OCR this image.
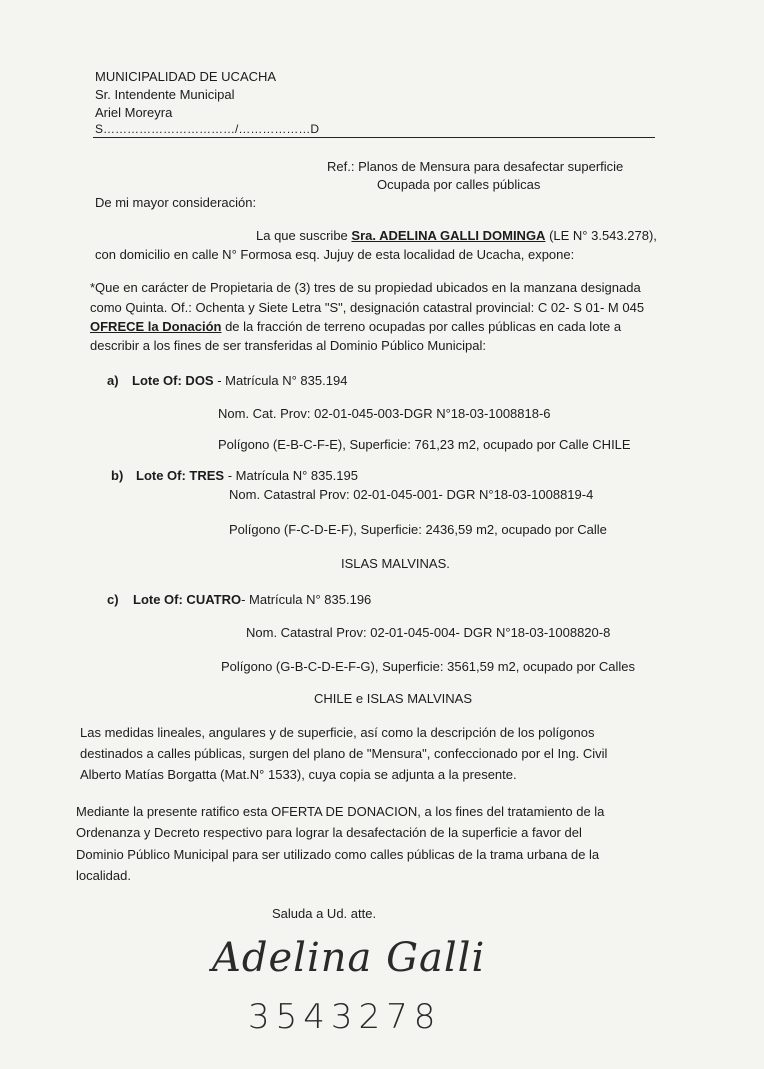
MUNICIPALIDAD DE UCACHA
Sr. Intendente Municipal
Ariel Moreyra
S……………………………/………………D
Ref.: Planos de Mensura para desafectar superficie
Ocupada por calles públicas
De mi mayor consideración:
La que suscribe Sra. ADELINA GALLI DOMINGA (LE N° 3.543.278),
con domicilio en calle N° Formosa esq. Jujuy de esta localidad de Ucacha, expone:
*Que en carácter de Propietaria de (3) tres de su propiedad ubicados en la manzana designada
como Quinta. Of.: Ochenta y Siete Letra "S", designación catastral provincial: C 02- S 01- M 045
OFRECE la Donación de la fracción de terreno ocupadas por calles públicas en cada lote a
describir a los fines de ser transferidas al Dominio Público Municipal:
a) Lote Of: DOS - Matrícula N° 835.194
Nom. Cat. Prov: 02-01-045-003-DGR N°18-03-1008818-6
Polígono (E-B-C-F-E), Superficie: 761,23 m2, ocupado por Calle CHILE
b) Lote Of: TRES - Matrícula N° 835.195
Nom. Catastral Prov: 02-01-045-001- DGR N°18-03-1008819-4
Polígono (F-C-D-E-F), Superficie: 2436,59 m2, ocupado por Calle
ISLAS MALVINAS.
c) Lote Of: CUATRO- Matrícula N° 835.196
Nom. Catastral Prov: 02-01-045-004- DGR N°18-03-1008820-8
Polígono (G-B-C-D-E-F-G), Superficie: 3561,59 m2, ocupado por Calles
CHILE e ISLAS MALVINAS
Las medidas lineales, angulares y de superficie, así como la descripción de los polígonos
destinados a calles públicas, surgen del plano de "Mensura", confeccionado por el Ing. Civil
Alberto Matías Borgatta (Mat.N° 1533), cuya copia se adjunta a la presente.
Mediante la presente ratifico esta OFERTA DE DONACION, a los fines del tratamiento de la
Ordenanza y Decreto respectivo para lograr la desafectación de la superficie a favor del
Dominio Público Municipal para ser utilizado como calles públicas de la trama urbana de la
localidad.
Saluda a Ud. atte.
Adelina Galli
3543278
